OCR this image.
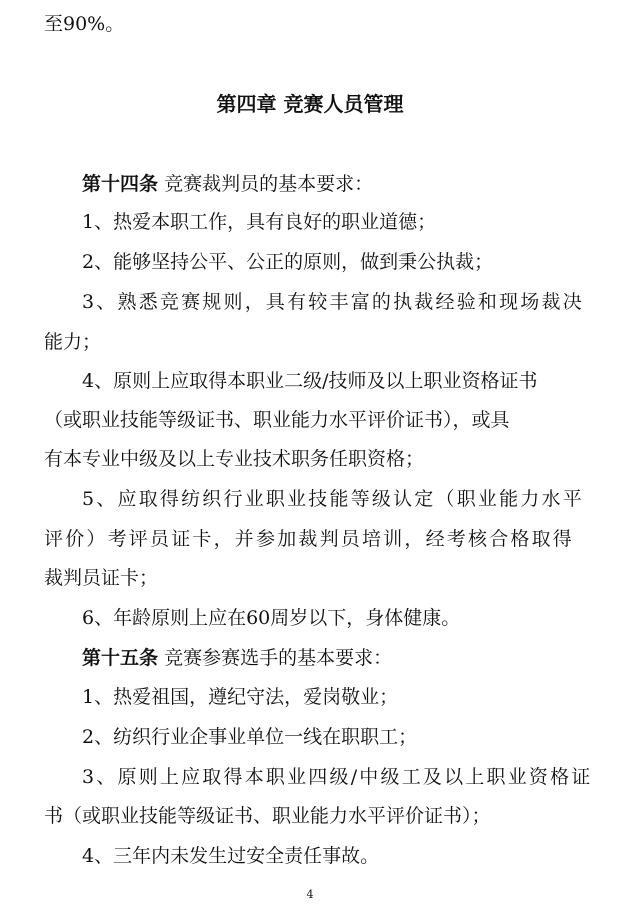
至90%。

第四章 竞赛人员管理

第十四条 竞赛裁判员的基本要求：

1、热爱本职工作，具有良好的职业道德；

2、能够坚持公平、公正的原则，做到秉公执裁；

3、熟悉竞赛规则，具有较丰富的执裁经验和现场裁决

能力；

4、原则上应取得本职业二级/技师及以上职业资格证书

（或职业技能等级证书、职业能力水平评价证书），或具

有本专业中级及以上专业技术职务任职资格；

5、应取得纺织行业职业技能等级认定（职业能力水平

评价）考评员证卡，并参加裁判员培训，经考核合格取得

裁判员证卡；

6、年龄原则上应在60周岁以下，身体健康。

第十五条 竞赛参赛选手的基本要求：

1、热爱祖国，遵纪守法，爱岗敬业；

2、纺织行业企事业单位一线在职职工；

3、原则上应取得本职业四级/中级工及以上职业资格证

书（或职业技能等级证书、职业能力水平评价证书）；

4、三年内未发生过安全责任事故。

4
